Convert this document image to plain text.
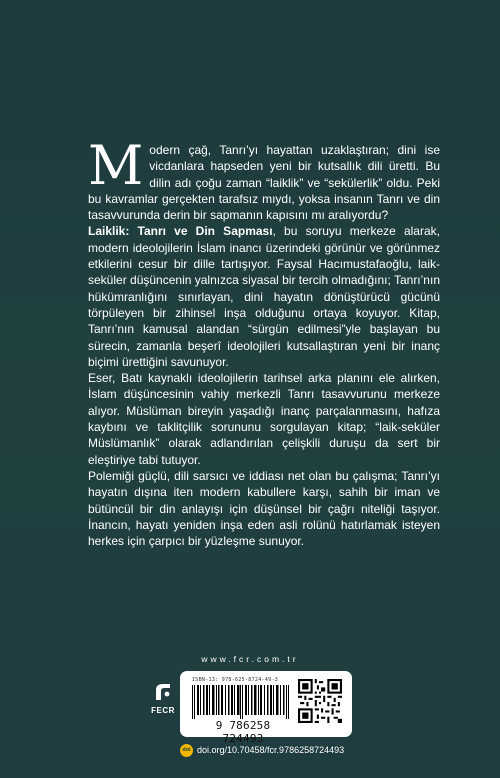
Modern çağ, Tanrı’yı hayattan uzaklaştıran; dini ise vicdanlara hapseden yeni bir kutsallık dili üretti. Bu dilin adı çoğu zaman “laiklik” ve “sekülerlik” oldu. Peki bu kavramlar gerçekten tarafsız mıydı, yoksa insanın Tanrı ve din tasavvurunda derin bir sapmanın kapısını mı aralıyordu?

Laiklik: Tanrı ve Din Sapması, bu soruyu merkeze alarak, modern ideolojilerin İslam inancı üzerindeki görünür ve görünmez etkilerini cesur bir dille tartışıyor. Faysal Hacımustafaoğlu, laik-seküler düşüncenin yalnızca siyasal bir tercih olmadığını; Tanrı’nın hükümranlığını sınırlayan, dini hayatın dönüştürücü gücünü törpüleyen bir zihinsel inşa olduğunu ortaya koyuyor. Kitap, Tanrı’nın kamusal alandan “sürgün edilmesi”yle başlayan bu sürecin, zamanla beşerî ideolojileri kutsallaştıran yeni bir inanç biçimi ürettiğini savunuyor.

Eser, Batı kaynaklı ideolojilerin tarihsel arka planını ele alırken, İslam düşüncesinin vahiy merkezli Tanrı tasavvurunu merkeze alıyor. Müslüman bireyin yaşadığı inanç parçalanmasını, hafıza kaybını ve taklitçilik sorununu sorgulayan kitap; “laik-seküler Müslümanlık” olarak adlandırılan çelişkili duruşu da sert bir eleştiriye tabi tutuyor.

Polemiği güçlü, dili sarsıcı ve iddiası net olan bu çalışma; Tanrı’yı hayatın dışına iten modern kabullere karşı, sahih bir iman ve bütüncül bir din anlayışı için düşünsel bir çağrı niteliği taşıyor. İnancın, hayatı yeniden inşa eden asli rolünü hatırlamak isteyen herkes için çarpıcı bir yüzleşme sunuyor.

www.fcr.com.tr
FECR
ISBN-13: 978-625-8724-49-3
9 786258 724493
doi doi.org/10.70458/fcr.9786258724493
